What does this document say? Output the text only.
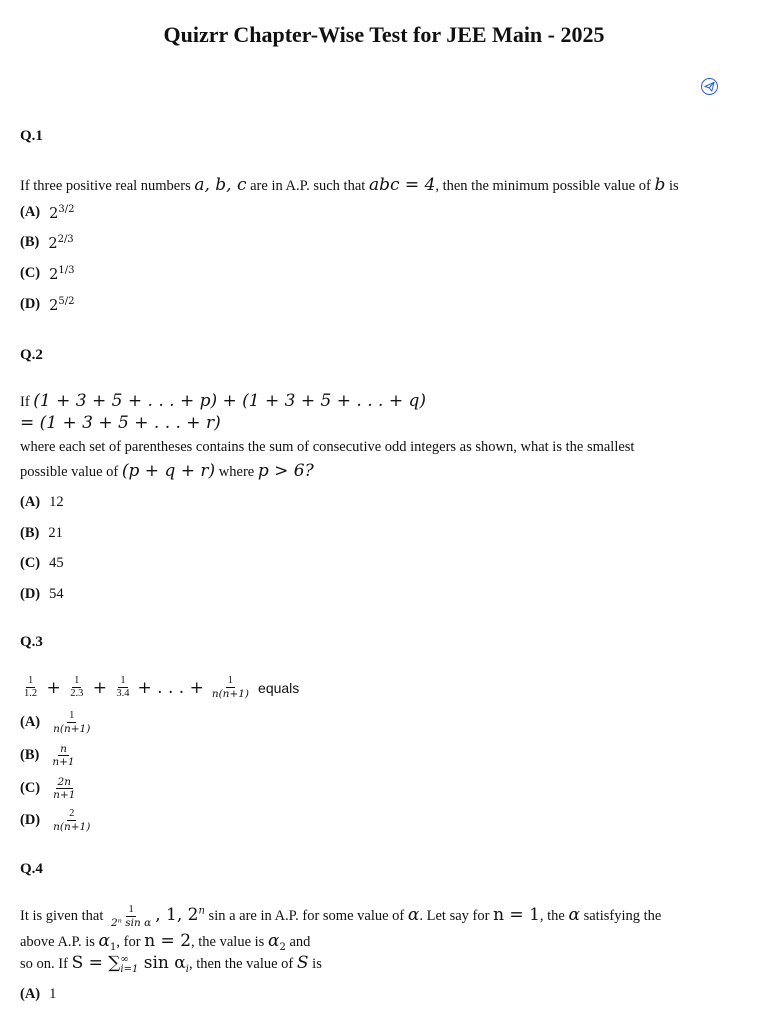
Quizrr Chapter-Wise Test for JEE Main - 2025
Q.1
If three positive real numbers a, b, c are in A.P. such that abc = 4, then the minimum possible value of b is
(A) $2^{3/2}$
(B) $2^{2/3}$
(C) $2^{1/3}$
(D) $2^{5/2}$
Q.2
If (1 + 3 + 5 + . . . + p) + (1 + 3 + 5 + . . . + q)
= (1 + 3 + 5 + . . . + r)
where each set of parentheses contains the sum of consecutive odd integers as shown, what is the smallest
possible value of (p + q + r) where p > 6?
(A) 12
(B) 21
(C) 45
(D) 54
Q.3
1
$1.2 + \frac{1}{2.3} + \frac{1}{3.4}$ + . . . + $\frac{1}{n(n+1)}$ equals
(A)	1
n(n+1)
(B) n
n+1
(C) 2n
n+1
(D)	2
n(n+1)
Q.4
It is given that $\frac{1}{\text{2ⁿ sin α}}$ , 1, 2$^n$ sin a are in A.P. for some value of α. Let say for n = 1, the α satisfying the
above A.P. is $\alpha_1$, for n = 2, the value is $\alpha_2$ and
so on. If S = ∑ ∞
i=1 $\sin \alpha_i$, then the value of S is
(A) 1
